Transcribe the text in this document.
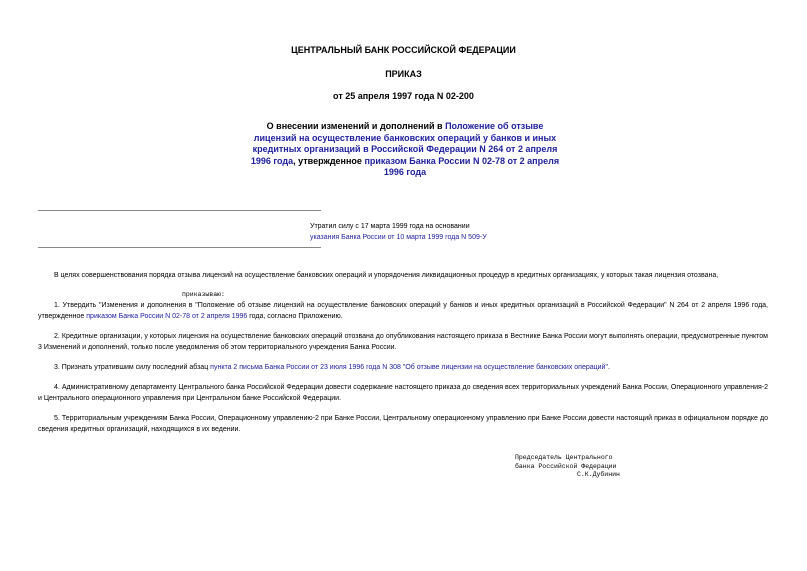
ЦЕНТРАЛЬНЫЙ БАНК РОССИЙСКОЙ ФЕДЕРАЦИИ
ПРИКАЗ
от 25 апреля 1997 года N 02-200
О внесении изменений и дополнений в Положение об отзыве лицензий на осуществление банковских операций у банков и иных кредитных организаций в Российской Федерации N 264 от 2 апреля 1996 года, утвержденное приказом Банка России N 02-78 от 2 апреля 1996 года
Утратил силу с 17 марта 1999 года на основании
указания Банка России от 10 марта 1999 года N 509-У
В целях совершенствования порядка отзыва лицензий на осуществление банковских операций и упорядочения ликвидационных процедур в кредитных организациях, у которых такая лицензия отозвана,
приказываю:
1. Утвердить "Изменения и дополнения в "Положение об отзыве лицензий на осуществление банковских операций у банков и иных кредитных организаций в Российской Федерации" N 264 от 2 апреля 1996 года, утвержденное приказом Банка России N 02-78 от 2 апреля 1996 года, согласно Приложению.
2. Кредитные организации, у которых лицензия на осуществление банковских операций отозвана до опубликования настоящего приказа в Вестнике Банка России могут выполнять операции, предусмотренные пунктом 3 Изменений и дополнений, только после уведомления об этом территориального учреждения Банка России.
3. Признать утратившим силу последний абзац пункта 2 письма Банка России от 23 июля 1996 года N 308 "Об отзыве лицензии на осуществление банковских операций".
4. Административному департаменту Центрального банка Российской Федерации довести содержание настоящего приказа до сведения всех территориальных учреждений Банка России, Операционного управления-2 и Центрального операционного управления при Центральном банке Российской Федерации.
5. Территориальным учреждениям Банка России, Операционному управлению-2 при Банке России, Центральному операционному управлению при Банке России довести настоящий приказ в официальном порядке до сведения кредитных организаций, находящихся в их ведении.
Председатель Центрального
банка Российской Федерации
С.К.Дубинин
